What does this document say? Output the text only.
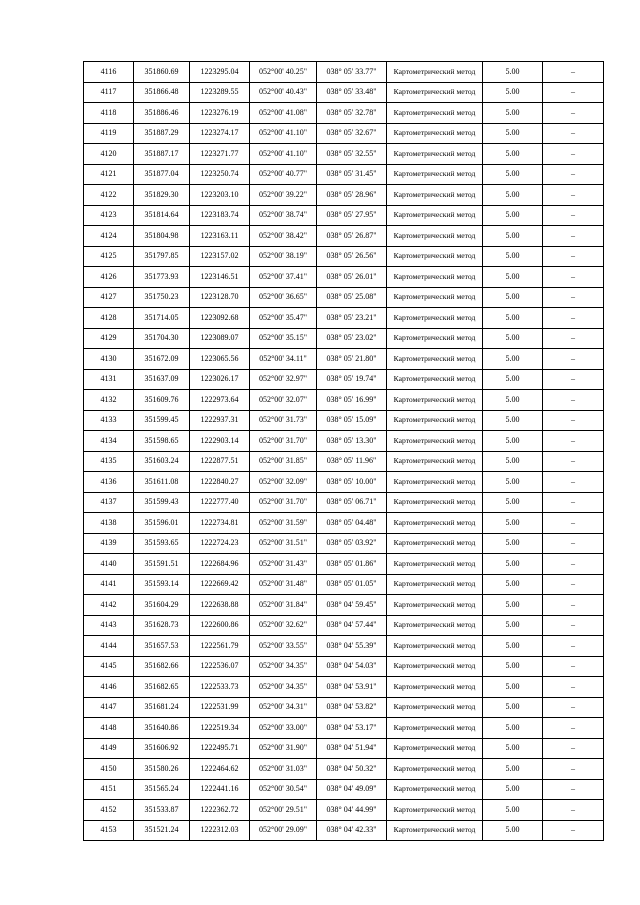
4116	351860.69	1223295.04	052°00' 40.25"	038° 05' 33.77"	Картометрический метод	5.00	–
4117	351866.48	1223289.55	052°00' 40.43"	038° 05' 33.48"	Картометрический метод	5.00	–
4118	351886.46	1223276.19	052°00' 41.08"	038° 05' 32.78"	Картометрический метод	5.00	–
4119	351887.29	1223274.17	052°00' 41.10"	038° 05' 32.67"	Картометрический метод	5.00	–
4120	351887.17	1223271.77	052°00' 41.10"	038° 05' 32.55"	Картометрический метод	5.00	–
4121	351877.04	1223250.74	052°00' 40.77"	038° 05' 31.45"	Картометрический метод	5.00	–
4122	351829.30	1223203.10	052°00' 39.22"	038° 05' 28.96"	Картометрический метод	5.00	–
4123	351814.64	1223183.74	052°00' 38.74"	038° 05' 27.95"	Картометрический метод	5.00	–
4124	351804.98	1223163.11	052°00' 38.42"	038° 05' 26.87"	Картометрический метод	5.00	–
4125	351797.85	1223157.02	052°00' 38.19"	038° 05' 26.56"	Картометрический метод	5.00	–
4126	351773.93	1223146.51	052°00' 37.41"	038° 05' 26.01"	Картометрический метод	5.00	–
4127	351750.23	1223128.70	052°00' 36.65"	038° 05' 25.08"	Картометрический метод	5.00	–
4128	351714.05	1223092.68	052°00' 35.47"	038° 05' 23.21"	Картометрический метод	5.00	–
4129	351704.30	1223089.07	052°00' 35.15"	038° 05' 23.02"	Картометрический метод	5.00	–
4130	351672.09	1223065.56	052°00' 34.11"	038° 05' 21.80"	Картометрический метод	5.00	–
4131	351637.09	1223026.17	052°00' 32.97"	038° 05' 19.74"	Картометрический метод	5.00	–
4132	351609.76	1222973.64	052°00' 32.07"	038° 05' 16.99"	Картометрический метод	5.00	–
4133	351599.45	1222937.31	052°00' 31.73"	038° 05' 15.09"	Картометрический метод	5.00	–
4134	351598.65	1222903.14	052°00' 31.70"	038° 05' 13.30"	Картометрический метод	5.00	–
4135	351603.24	1222877.51	052°00' 31.85"	038° 05' 11.96"	Картометрический метод	5.00	–
4136	351611.08	1222840.27	052°00' 32.09"	038° 05' 10.00"	Картометрический метод	5.00	–
4137	351599.43	1222777.40	052°00' 31.70"	038° 05' 06.71"	Картометрический метод	5.00	–
4138	351596.01	1222734.81	052°00' 31.59"	038° 05' 04.48"	Картометрический метод	5.00	–
4139	351593.65	1222724.23	052°00' 31.51"	038° 05' 03.92"	Картометрический метод	5.00	–
4140	351591.51	1222684.96	052°00' 31.43"	038° 05' 01.86"	Картометрический метод	5.00	–
4141	351593.14	1222669.42	052°00' 31.48"	038° 05' 01.05"	Картометрический метод	5.00	–
4142	351604.29	1222638.88	052°00' 31.84"	038° 04' 59.45"	Картометрический метод	5.00	–
4143	351628.73	1222600.86	052°00' 32.62"	038° 04' 57.44"	Картометрический метод	5.00	–
4144	351657.53	1222561.79	052°00' 33.55"	038° 04' 55.39"	Картометрический метод	5.00	–
4145	351682.66	1222536.07	052°00' 34.35"	038° 04' 54.03"	Картометрический метод	5.00	–
4146	351682.65	1222533.73	052°00' 34.35"	038° 04' 53.91"	Картометрический метод	5.00	–
4147	351681.24	1222531.99	052°00' 34.31"	038° 04' 53.82"	Картометрический метод	5.00	–
4148	351640.86	1222519.34	052°00' 33.00"	038° 04' 53.17"	Картометрический метод	5.00	–
4149	351606.92	1222495.71	052°00' 31.90"	038° 04' 51.94"	Картометрический метод	5.00	–
4150	351580.26	1222464.62	052°00' 31.03"	038° 04' 50.32"	Картометрический метод	5.00	–
4151	351565.24	1222441.16	052°00' 30.54"	038° 04' 49.09"	Картометрический метод	5.00	–
4152	351533.87	1222362.72	052°00' 29.51"	038° 04' 44.99"	Картометрический метод	5.00	–
4153	351521.24	1222312.03	052°00' 29.09"	038° 04' 42.33"	Картометрический метод	5.00	–
